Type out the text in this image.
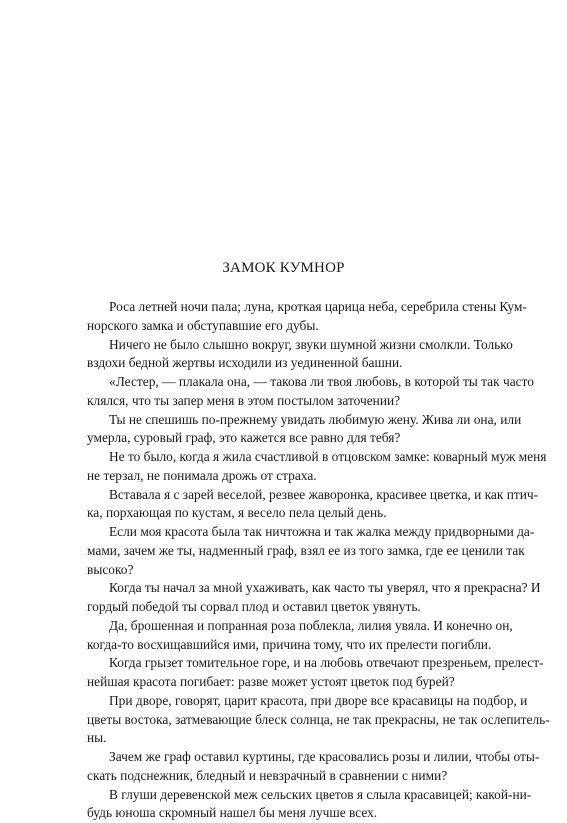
ЗАМОК КУМНОР

Роса летней ночи пала; луна, кроткая царица неба, серебрила стены Кум-
норского замка и обступавшие его дубы.

Ничего не было слышно вокруг, звуки шумной жизни смолкли. Только
вздохи бедной жертвы исходили из уединенной башни.

«Лестер, — плакала она, — такова ли твоя любовь, в которой ты так часто
клялся, что ты запер меня в этом постылом заточении?

Ты не спешишь по-прежнему увидать любимую жену. Жива ли она, или
умерла, суровый граф, это кажется все равно для тебя?

Не то было, когда я жила счастливой в отцовском замке: коварный муж меня
не терзал, не понимала дрожь от страха.

Вставала я с зарей веселой, резвее жаворонка, красивее цветка, и как птич-
ка, порхающая по кустам, я весело пела целый день.

Если моя красота была так ничтожна и так жалка между придворными да-
мами, зачем же ты, надменный граф, взял ее из того замка, где ее ценили так
высоко?

Когда ты начал за мной ухаживать, как часто ты уверял, что я прекрасна? И
гордый победой ты сорвал плод и оставил цветок увянуть.

Да, брошенная и попранная роза поблекла, лилия увяла. И конечно он,
когда-то восхищавшийся ими, причина тому, что их прелести погибли.

Когда грызет томительное горе, и на любовь отвечают презреньем, прелест-
нейшая красота погибает: разве может устоят цветок под бурей?

При дворе, говорят, царит красота, при дворе все красавицы на подбор, и
цветы востока, затмевающие блеск солнца, не так прекрасны, не так ослепитель-
ны.

Зачем же граф оставил куртины, где красовались розы и лилии, чтобы оты-
скать подснежник, бледный и невзрачный в сравнении с ними?

В глуши деревенской меж сельских цветов я слыла красавицей; какой-ни-
будь юноша скромный нашел бы меня лучше всех.
